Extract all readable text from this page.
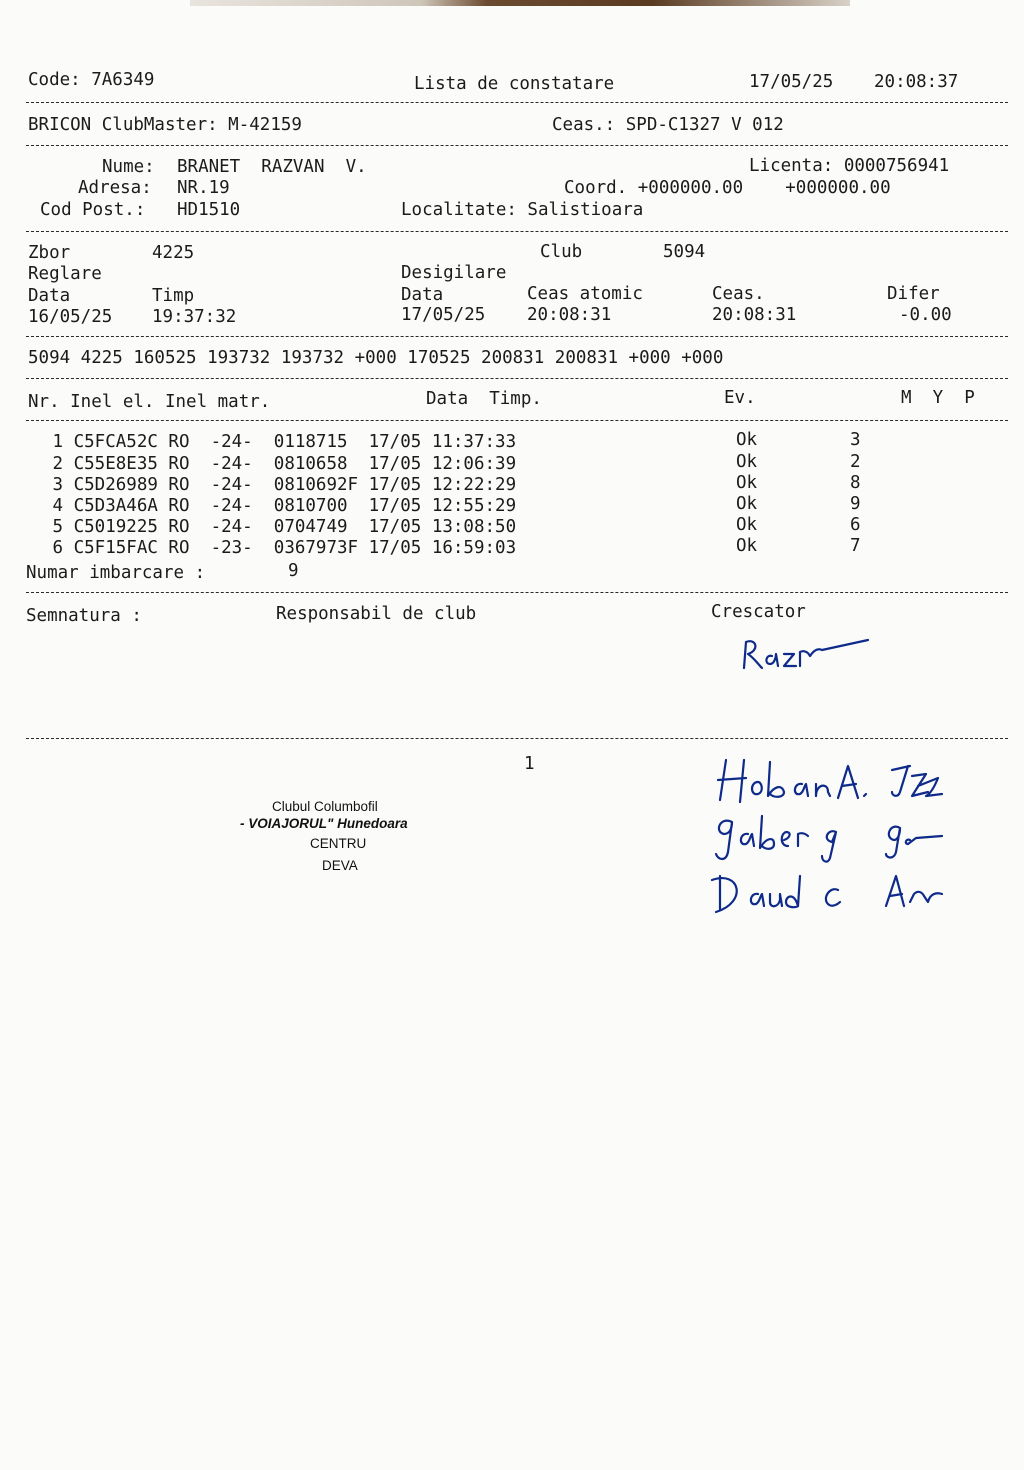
Code: 7A6349	Lista de constatare	17/05/25 20:08:37
BRICON ClubMaster: M-42159	Ceas.: SPD-C1327 V 012
Nume: BRANET  RAZVAN  V.	Licenta: 0000756941
Adresa: NR.19	Coord. +000000.00    +000000.00
Cod Post.: HD1510	Localitate: Salistioara
Zbor	4225	Club	5094
Reglare	Desigilare
Data	Timp	Data	Ceas atomic	Ceas.	Difer
16/05/25 19:37:32	17/05/25 20:08:31	20:08:31	-0.00
5094 4225 160525 193732 193732 +000 170525 200831 200831 +000 +000
Nr. Inel el. Inel matr.	Data  Timp.	Ev.	M  Y  P
1 C5FCA52C RO  -24-  0118715  17/05 11:37:33	Ok	3
2 C55E8E35 RO  -24-  0810658  17/05 12:06:39	Ok	2
3 C5D26989 RO  -24-  0810692F 17/05 12:22:29	Ok	8
4 C5D3A46A RO  -24-  0810700  17/05 12:55:29	Ok	9
5 C5019225 RO  -24-  0704749  17/05 13:08:50	Ok	6
6 C5F15FAC RO  -23-  0367973F 17/05 16:59:03	Ok	7
Numar imbarcare :	9
Semnatura :	Responsabil de club	Crescator
1
Clubul Columbofil
- VOIAJORUL" Hunedoara
CENTRU
DEVA
